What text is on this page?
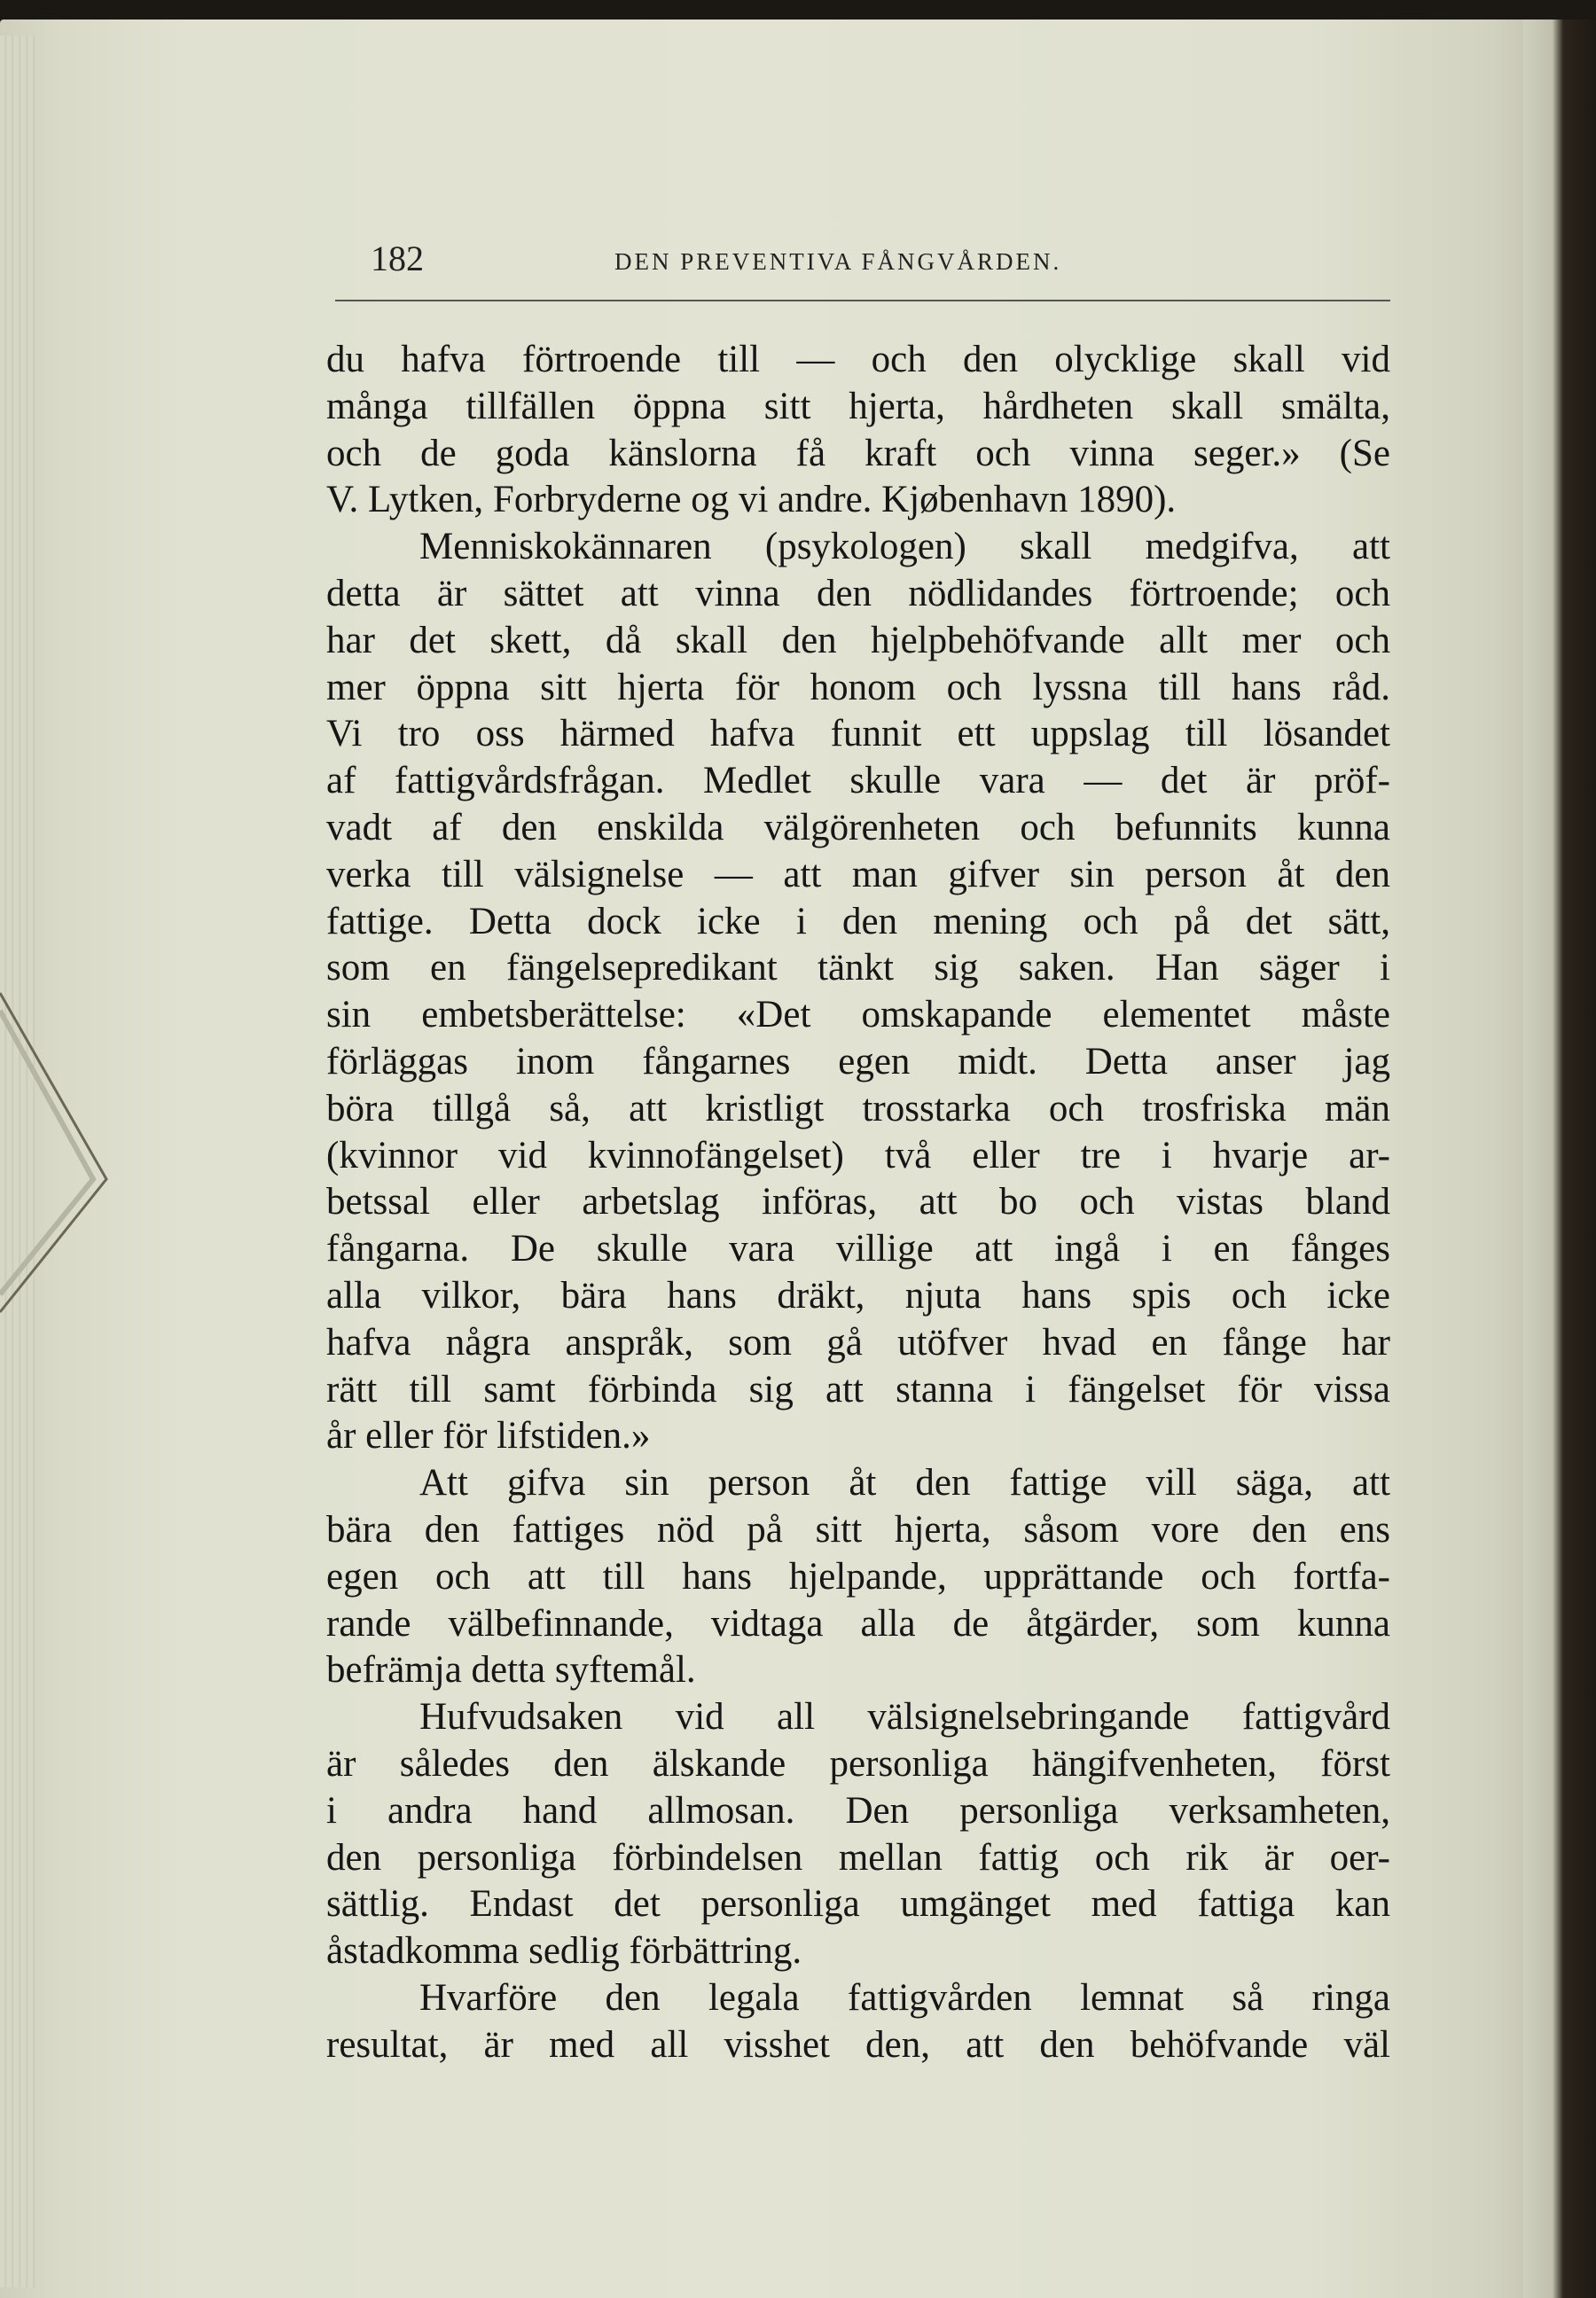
182	DEN PREVENTIVA FÅNGVÅRDEN.
du hafva förtroende till — och den olycklige skall vid
många tillfällen öppna sitt hjerta, hårdheten skall smälta,
och de goda känslorna få kraft och vinna seger.» (Se
V. Lytken, Forbryderne og vi andre. Kjøbenhavn 1890).
Menniskokännaren (psykologen) skall medgifva, att
detta är sättet att vinna den nödlidandes förtroende; och
har det skett, då skall den hjelpbehöfvande allt mer och
mer öppna sitt hjerta för honom och lyssna till hans råd.
Vi tro oss härmed hafva funnit ett uppslag till lösandet
af fattigvårdsfrågan. Medlet skulle vara — det är pröf-
vadt af den enskilda välgörenheten och befunnits kunna
verka till välsignelse — att man gifver sin person åt den
fattige. Detta dock icke i den mening och på det sätt,
som en fängelsepredikant tänkt sig saken. Han säger i
sin embetsberättelse: «Det omskapande elementet måste
förläggas inom fångarnes egen midt. Detta anser jag
böra tillgå så, att kristligt trosstarka och trosfriska män
(kvinnor vid kvinnofängelset) två eller tre i hvarje ar-
betssal eller arbetslag införas, att bo och vistas bland
fångarna. De skulle vara villige att ingå i en fånges
alla vilkor, bära hans dräkt, njuta hans spis och icke
hafva några anspråk, som gå utöfver hvad en fånge har
rätt till samt förbinda sig att stanna i fängelset för vissa
år eller för lifstiden.»
Att gifva sin person åt den fattige vill säga, att
bära den fattiges nöd på sitt hjerta, såsom vore den ens
egen och att till hans hjelpande, upprättande och fortfa-
rande välbefinnande, vidtaga alla de åtgärder, som kunna
befrämja detta syftemål.
Hufvudsaken vid all välsignelsebringande fattigvård
är således den älskande personliga hängifvenheten, först
i andra hand allmosan. Den personliga verksamheten,
den personliga förbindelsen mellan fattig och rik är oer-
sättlig. Endast det personliga umgänget med fattiga kan
åstadkomma sedlig förbättring.
Hvarföre den legala fattigvården lemnat så ringa
resultat, är med all visshet den, att den behöfvande väl
